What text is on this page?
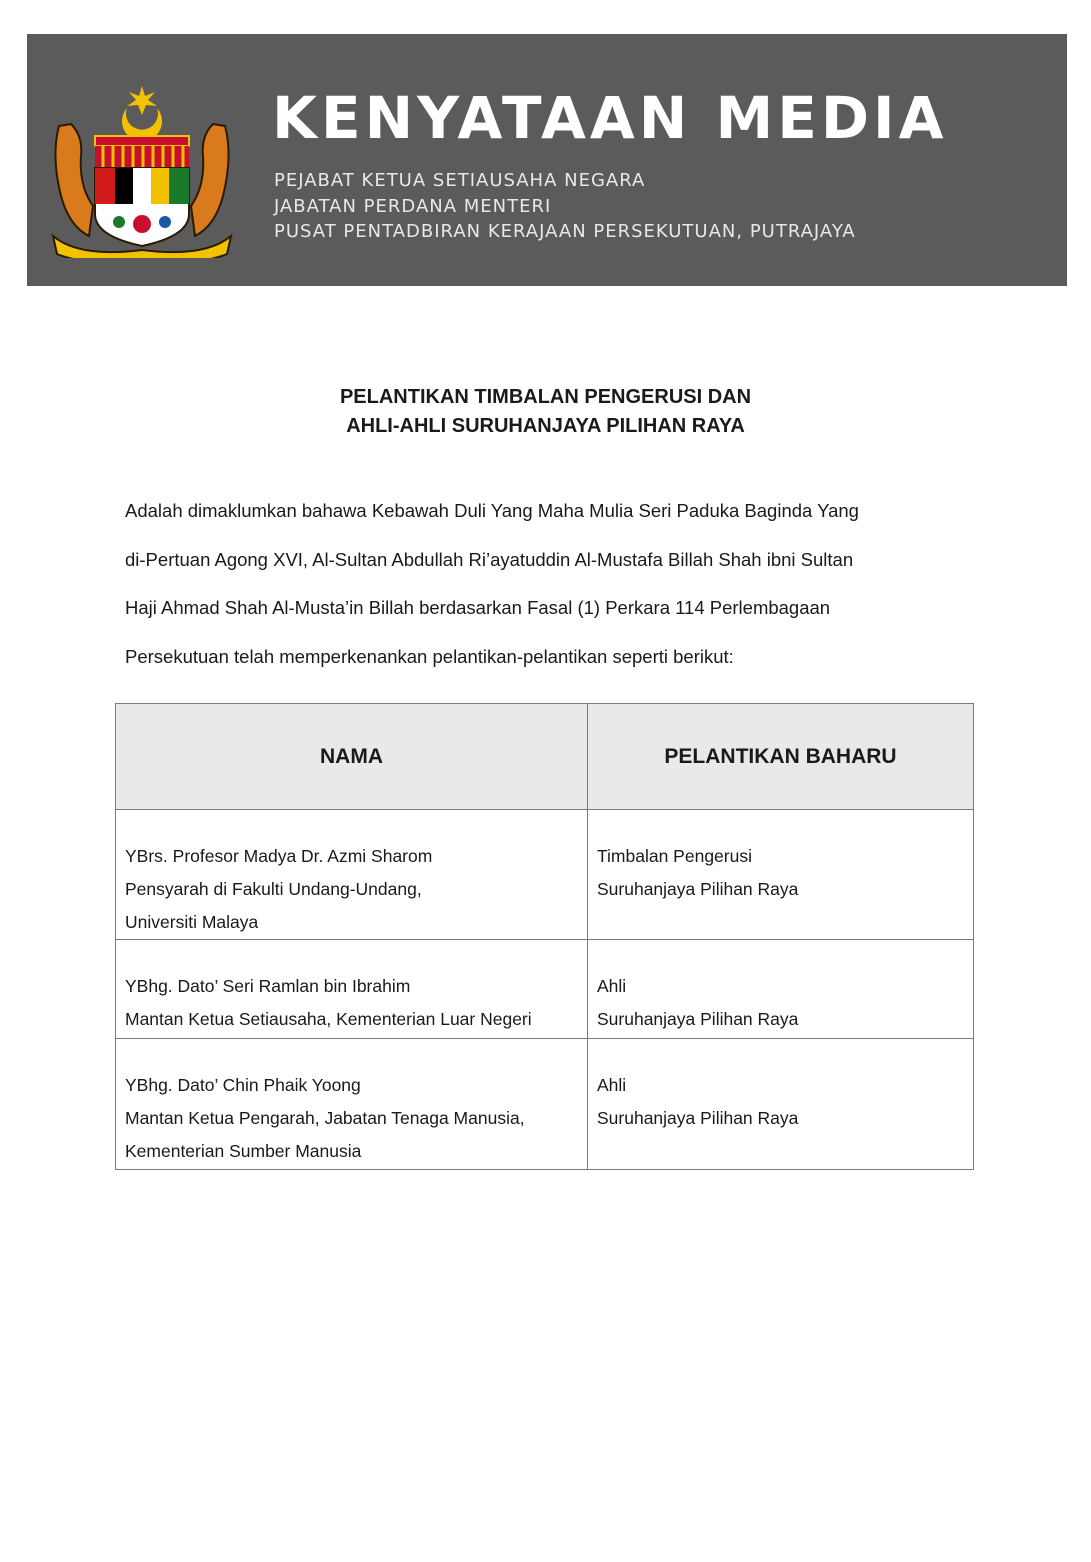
KENYATAAN MEDIA
PEJABAT KETUA SETIAUSAHA NEGARA
JABATAN PERDANA MENTERI
PUSAT PENTADBIRAN KERAJAAN PERSEKUTUAN, PUTRAJAYA
PELANTIKAN TIMBALAN PENGERUSI DAN
AHLI-AHLI SURUHANJAYA PILIHAN RAYA
Adalah dimaklumkan bahawa Kebawah Duli Yang Maha Mulia Seri Paduka Baginda Yang
di-Pertuan Agong XVI, Al-Sultan Abdullah Ri’ayatuddin Al-Mustafa Billah Shah ibni Sultan
Haji Ahmad Shah Al-Musta’in Billah berdasarkan Fasal (1) Perkara 114 Perlembagaan
Persekutuan telah memperkenankan pelantikan-pelantikan seperti berikut:
NAMA	PELANTIKAN BAHARU

YBrs. Profesor Madya Dr. Azmi Sharom
Pensyarah di Fakulti Undang-Undang,
Universiti Malaya	Timbalan Pengerusi
Suruhanjaya Pilihan Raya

YBhg. Dato’ Seri Ramlan bin Ibrahim
Mantan Ketua Setiausaha, Kementerian Luar Negeri	Ahli
Suruhanjaya Pilihan Raya

YBhg. Dato’ Chin Phaik Yoong
Mantan Ketua Pengarah, Jabatan Tenaga Manusia,
Kementerian Sumber Manusia	Ahli
Suruhanjaya Pilihan Raya
